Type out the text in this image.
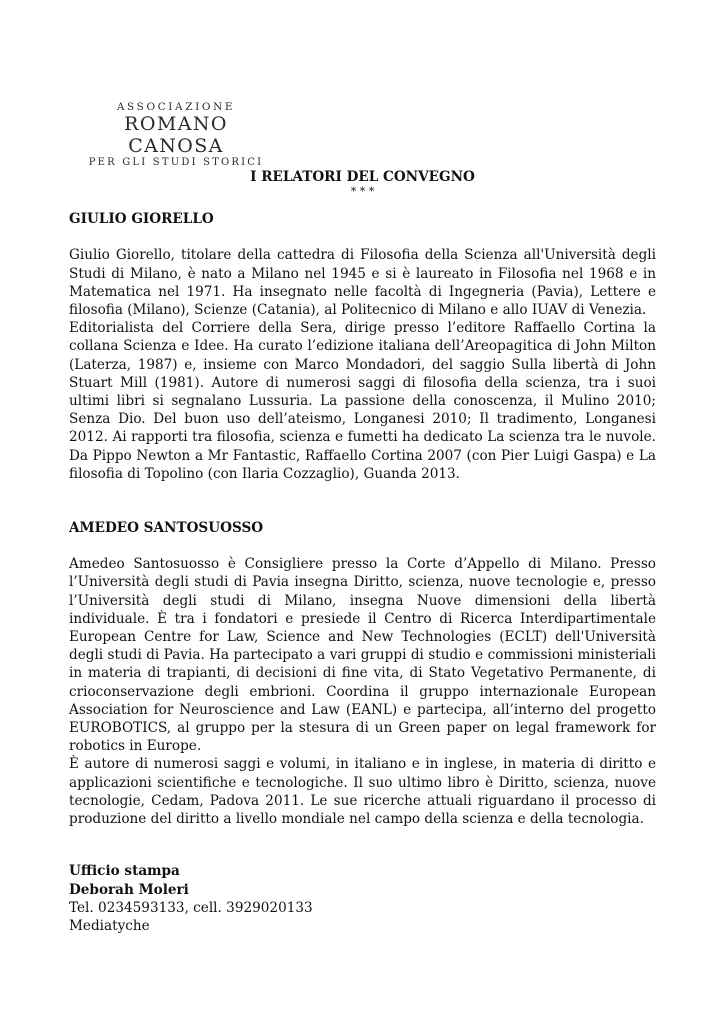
ASSOCIAZIONE
ROMANO CANOSA
PER GLI STUDI STORICI
I RELATORI DEL CONVEGNO
* * *
GIULIO GIORELLO

Giulio Giorello, titolare della cattedra di Filosofia della Scienza all'Università degli Studi di Milano, è nato a Milano nel 1945 e si è laureato in Filosofia nel 1968 e in Matematica nel 1971. Ha insegnato nelle facoltà di Ingegneria (Pavia), Lettere e filosofia (Milano), Scienze (Catania), al Politecnico di Milano e allo IUAV di Venezia.

Editorialista del Corriere della Sera, dirige presso l’editore Raffaello Cortina la collana Scienza e Idee. Ha curato l’edizione italiana dell’Areopagitica di John Milton (Laterza, 1987) e, insieme con Marco Mondadori, del saggio Sulla libertà di John Stuart Mill (1981). Autore di numerosi saggi di filosofia della scienza, tra i suoi ultimi libri si segnalano Lussuria. La passione della conoscenza, il Mulino 2010; Senza Dio. Del buon uso dell’ateismo, Longanesi 2010; Il tradimento, Longanesi 2012. Ai rapporti tra filosofia, scienza e fumetti ha dedicato La scienza tra le nuvole. Da Pippo Newton a Mr Fantastic, Raffaello Cortina 2007 (con Pier Luigi Gaspa) e La filosofia di Topolino (con Ilaria Cozzaglio), Guanda 2013.

AMEDEO SANTOSUOSSO

Amedeo Santosuosso è Consigliere presso la Corte d’Appello di Milano. Presso l’Università degli studi di Pavia insegna Diritto, scienza, nuove tecnologie e, presso l’Università degli studi di Milano, insegna Nuove dimensioni della libertà individuale. È tra i fondatori e presiede il Centro di Ricerca Interdipartimentale European Centre for Law, Science and New Technologies (ECLT) dell'Università degli studi di Pavia. Ha partecipato a vari gruppi di studio e commissioni ministeriali in materia di trapianti, di decisioni di fine vita, di Stato Vegetativo Permanente, di crioconservazione degli embrioni. Coordina il gruppo internazionale European Association for Neuroscience and Law (EANL) e partecipa, all’interno del progetto EUROBOTICS, al gruppo per la stesura di un Green paper on legal framework for robotics in Europe.

È autore di numerosi saggi e volumi, in italiano e in inglese, in materia di diritto e applicazioni scientifiche e tecnologiche. Il suo ultimo libro è Diritto, scienza, nuove tecnologie, Cedam, Padova 2011. Le sue ricerche attuali riguardano il processo di produzione del diritto a livello mondiale nel campo della scienza e della tecnologia.

Ufficio stampa
Deborah Moleri
Tel. 0234593133, cell. 3929020133
Mediatyche
